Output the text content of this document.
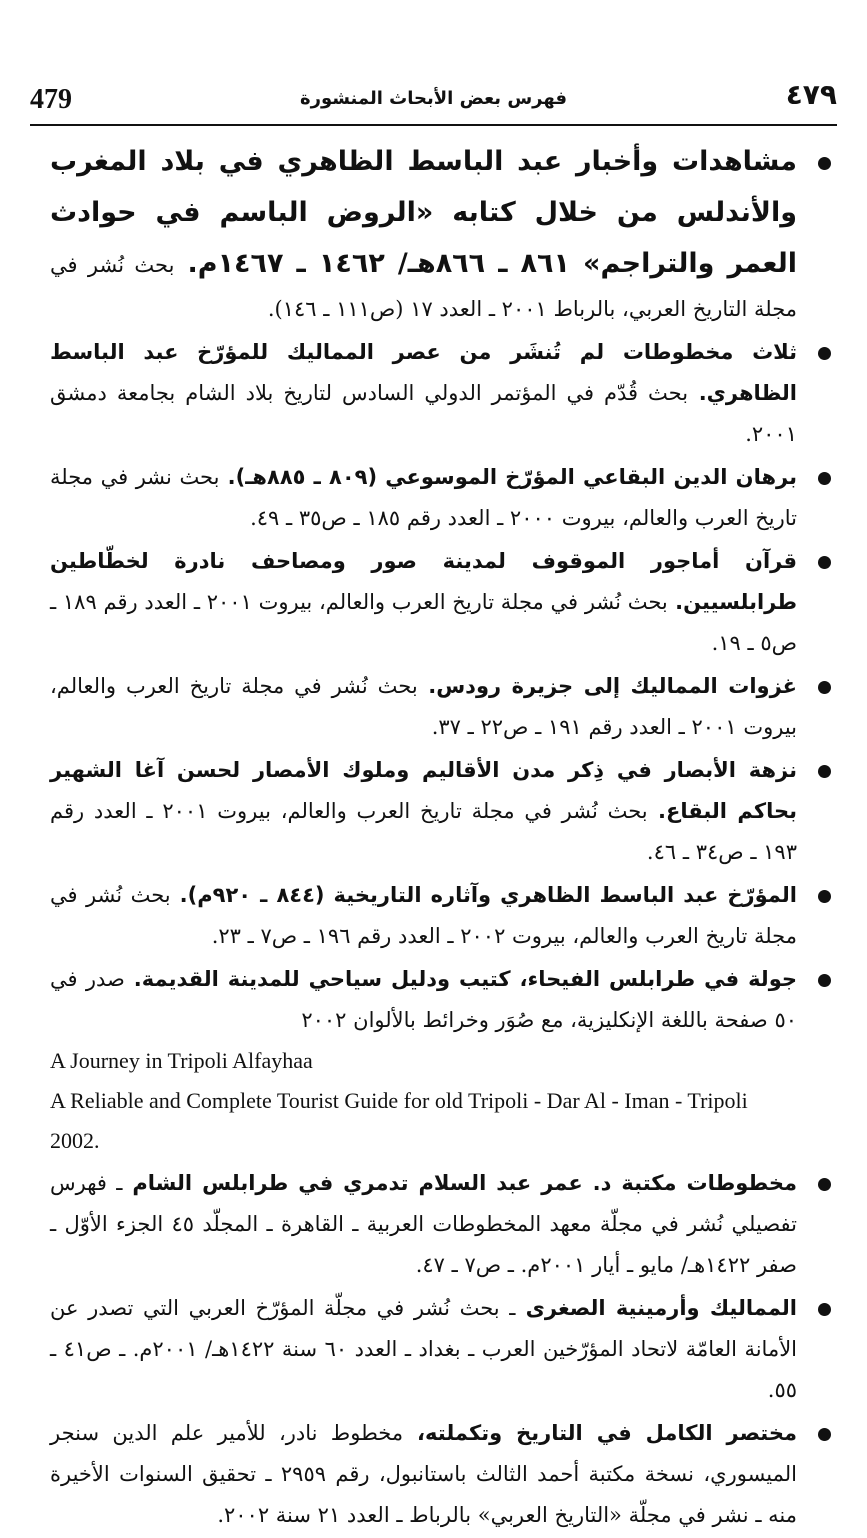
479	فهرس بعض الأبحاث المنشورة	٤٧٩
مشاهدات وأخبار عبد الباسط الظاهري في بلاد المغرب والأندلس من خلال كتابه «الروض الباسم في حوادث العمر والتراجم» ٨٦١ ـ ٨٦٦هـ/ ١٤٦٢ ـ ١٤٦٧م. بحث نُشر في مجلة التاريخ العربي، بالرباط ٢٠٠١ ـ العدد ١٧ (ص١١١ ـ ١٤٦).
ثلاث مخطوطات لم تُنشَر من عصر المماليك للمؤرّخ عبد الباسط الظاهري. بحث قُدّم في المؤتمر الدولي السادس لتاريخ بلاد الشام بجامعة دمشق ٢٠٠١.
برهان الدين البقاعي المؤرّخ الموسوعي (٨٠٩ ـ ٨٨٥هـ). بحث نشر في مجلة تاريخ العرب والعالم، بيروت ٢٠٠٠ ـ العدد رقم ١٨٥ ـ ص٣٥ ـ ٤٩.
قرآن أماجور الموقوف لمدينة صور ومصاحف نادرة لخطّاطين طرابلسيين. بحث نُشر في مجلة تاريخ العرب والعالم، بيروت ٢٠٠١ ـ العدد رقم ١٨٩ ـ ص٥ ـ ١٩.
غزوات المماليك إلى جزيرة رودس. بحث نُشر في مجلة تاريخ العرب والعالم، بيروت ٢٠٠١ ـ العدد رقم ١٩١ ـ ص٢٢ ـ ٣٧.
نزهة الأبصار في ذِكر مدن الأقاليم وملوك الأمصار لحسن آغا الشهير بحاكم البقاع. بحث نُشر في مجلة تاريخ العرب والعالم، بيروت ٢٠٠١ ـ العدد رقم ١٩٣ ـ ص٣٤ ـ ٤٦.
المؤرّخ عبد الباسط الظاهري وآثاره التاريخية (٨٤٤ ـ ٩٢٠م). بحث نُشر في مجلة تاريخ العرب والعالم، بيروت ٢٠٠٢ ـ العدد رقم ١٩٦ ـ ص٧ ـ ٢٣.
جولة في طرابلس الفيحاء، كتيب ودليل سياحي للمدينة القديمة. صدر في ٥٠ صفحة باللغة الإنكليزية، مع صُوَر وخرائط بالألوان ٢٠٠٢
A Journey in Tripoli Alfayhaa
A Reliable and Complete Tourist Guide for old Tripoli - Dar Al - Iman - Tripoli 2002.
مخطوطات مكتبة د. عمر عبد السلام تدمري في طرابلس الشام ـ فهرس تفصيلي نُشر في مجلّة معهد المخطوطات العربية ـ القاهرة ـ المجلّد ٤٥ الجزء الأوّل ـ صفر ١٤٢٢هـ/ مايو ـ أيار ٢٠٠١م. ـ ص٧ ـ ٤٧.
المماليك وأرمينية الصغرى ـ بحث نُشر في مجلّة المؤرّخ العربي التي تصدر عن الأمانة العامّة لاتحاد المؤرّخين العرب ـ بغداد ـ العدد ٦٠ سنة ١٤٢٢هـ/ ٢٠٠١م. ـ ص٤١ ـ ٥٥.
مختصر الكامل في التاريخ وتكملته، مخطوط نادر، للأمير علم الدين سنجر الميسوري، نسخة مكتبة أحمد الثالث باستانبول، رقم ٢٩٥٩ ـ تحقيق السنوات الأخيرة منه ـ نشر في مجلّة «التاريخ العربي» بالرباط ـ العدد ٢١ سنة ٢٠٠٢.
